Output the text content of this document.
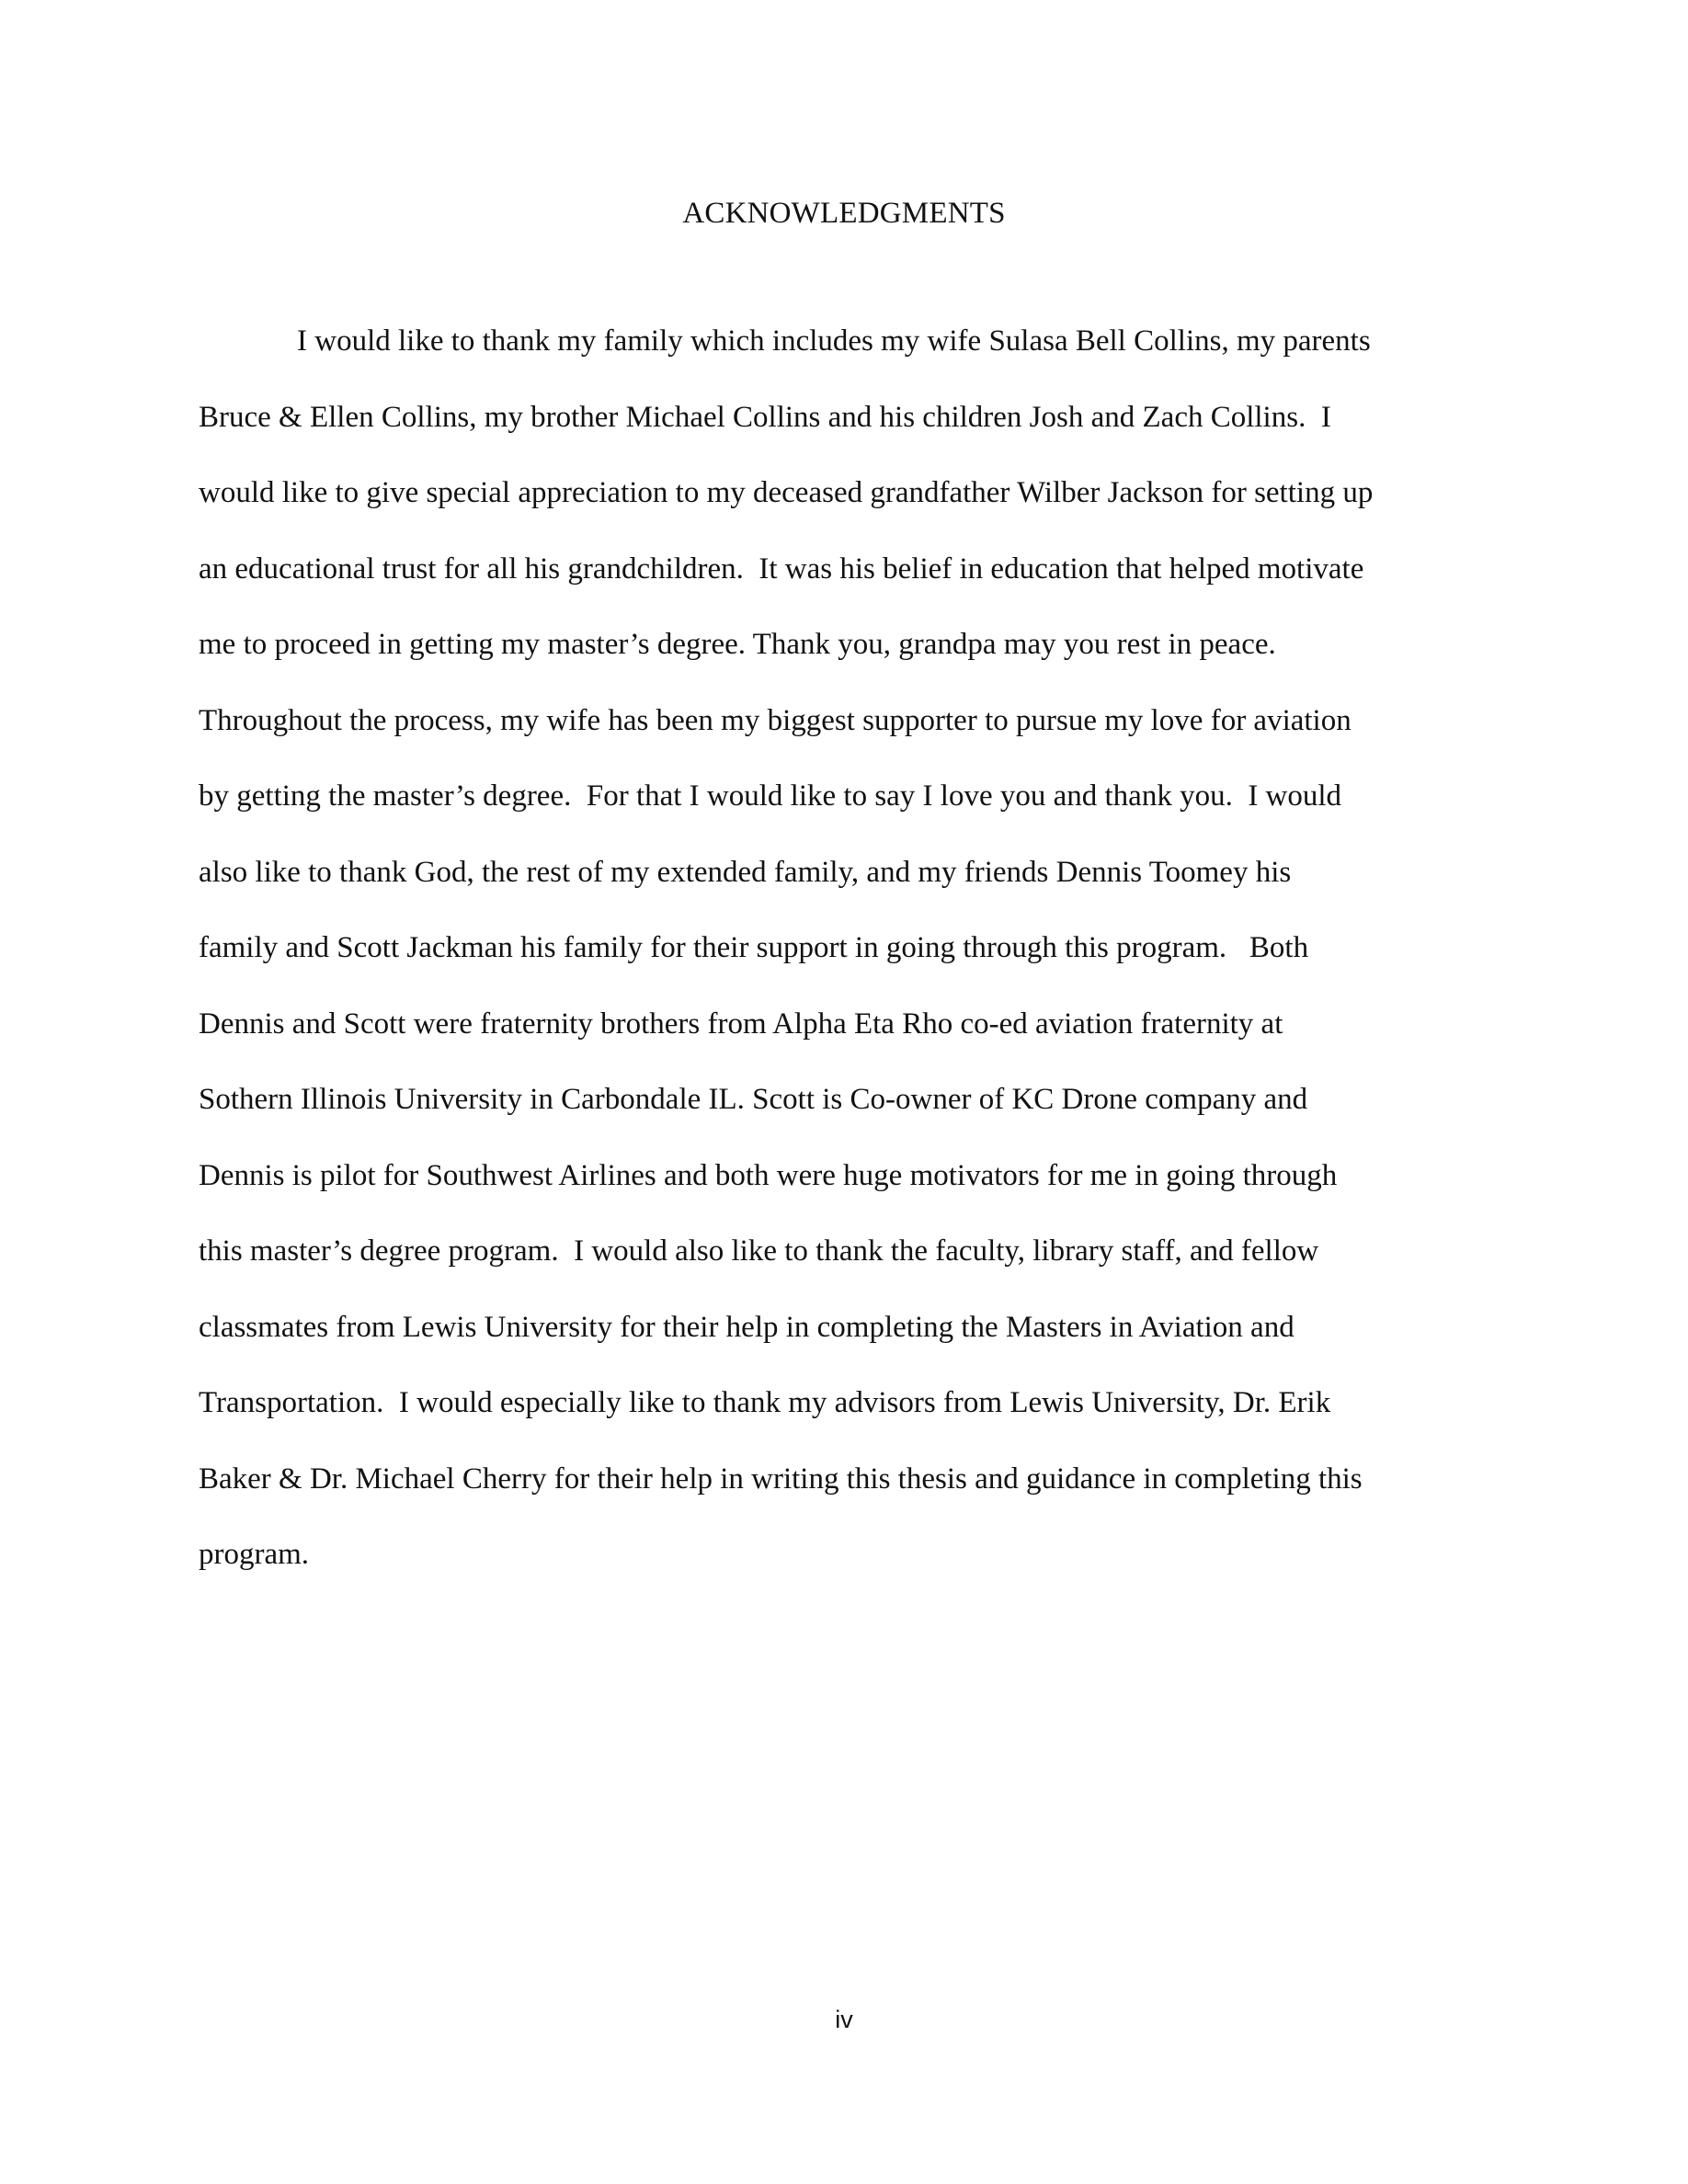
ACKNOWLEDGMENTS
I would like to thank my family which includes my wife Sulasa Bell Collins, my parents
Bruce & Ellen Collins, my brother Michael Collins and his children Josh and Zach Collins.  I
would like to give special appreciation to my deceased grandfather Wilber Jackson for setting up
an educational trust for all his grandchildren.  It was his belief in education that helped motivate
me to proceed in getting my master’s degree. Thank you, grandpa may you rest in peace.
Throughout the process, my wife has been my biggest supporter to pursue my love for aviation
by getting the master’s degree.  For that I would like to say I love you and thank you.  I would
also like to thank God, the rest of my extended family, and my friends Dennis Toomey his
family and Scott Jackman his family for their support in going through this program.   Both
Dennis and Scott were fraternity brothers from Alpha Eta Rho co-ed aviation fraternity at
Sothern Illinois University in Carbondale IL. Scott is Co-owner of KC Drone company and
Dennis is pilot for Southwest Airlines and both were huge motivators for me in going through
this master’s degree program.  I would also like to thank the faculty, library staff, and fellow
classmates from Lewis University for their help in completing the Masters in Aviation and
Transportation.  I would especially like to thank my advisors from Lewis University, Dr. Erik
Baker & Dr. Michael Cherry for their help in writing this thesis and guidance in completing this
program.
iv
